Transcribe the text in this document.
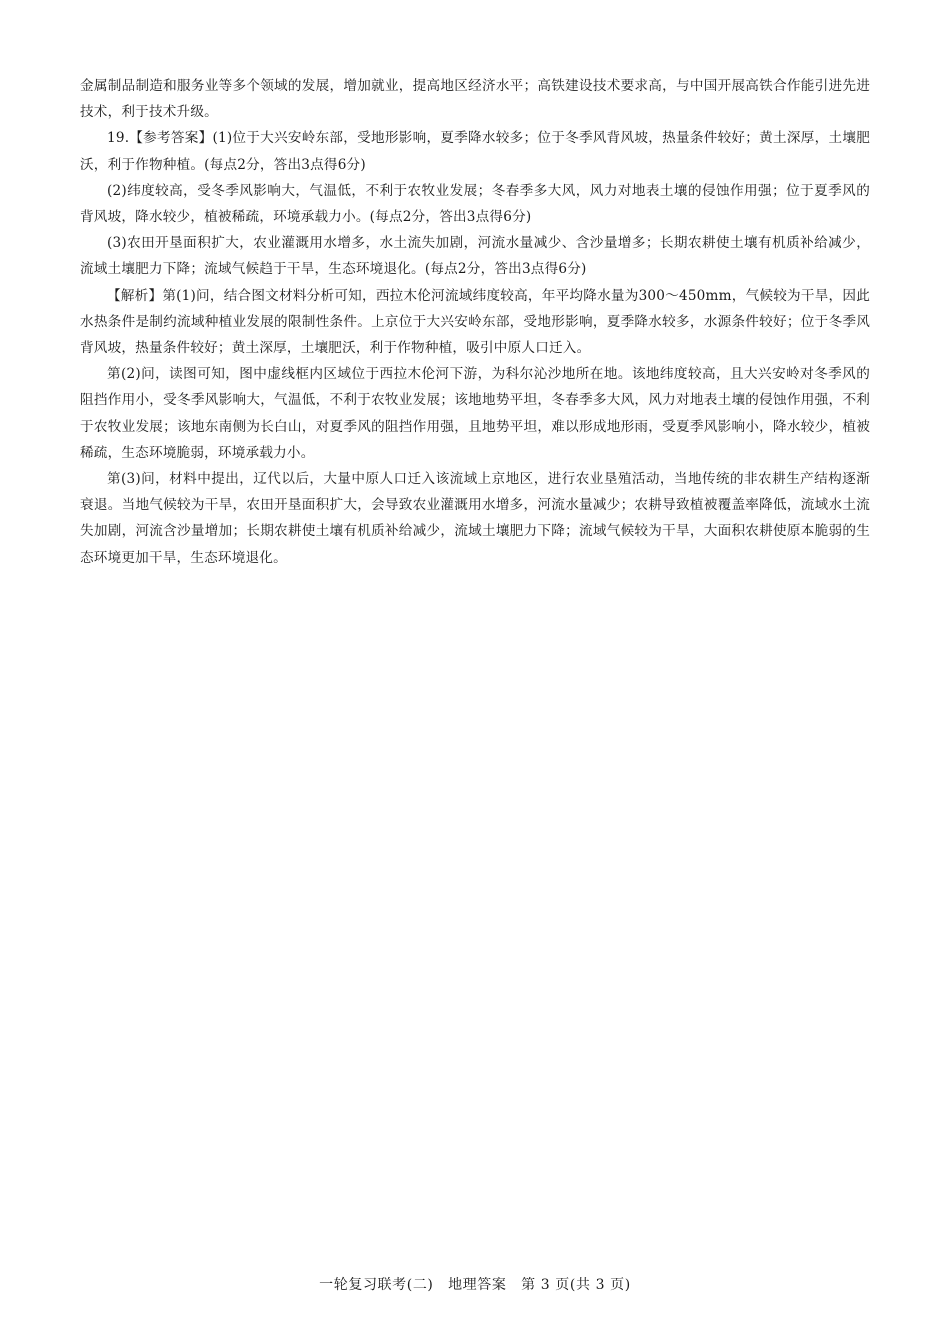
金属制品制造和服务业等多个领域的发展，增加就业，提高地区经济水平；高铁建设技术要求高，与中国开展高铁合作能引进先进技术，利于技术升级。

19.【参考答案】(1)位于大兴安岭东部，受地形影响，夏季降水较多；位于冬季风背风坡，热量条件较好；黄土深厚，土壤肥沃，利于作物种植。(每点2分，答出3点得6分)

(2)纬度较高，受冬季风影响大，气温低，不利于农牧业发展；冬春季多大风，风力对地表土壤的侵蚀作用强；位于夏季风的背风坡，降水较少，植被稀疏，环境承载力小。(每点2分，答出3点得6分)

(3)农田开垦面积扩大，农业灌溉用水增多，水土流失加剧，河流水量减少、含沙量增多；长期农耕使土壤有机质补给减少，流域土壤肥力下降；流域气候趋于干旱，生态环境退化。(每点2分，答出3点得6分)

【解析】第(1)问，结合图文材料分析可知，西拉木伦河流域纬度较高，年平均降水量为300～450mm，气候较为干旱，因此水热条件是制约流域种植业发展的限制性条件。上京位于大兴安岭东部，受地形影响，夏季降水较多，水源条件较好；位于冬季风背风坡，热量条件较好；黄土深厚，土壤肥沃，利于作物种植，吸引中原人口迁入。

第(2)问，读图可知，图中虚线框内区域位于西拉木伦河下游，为科尔沁沙地所在地。该地纬度较高，且大兴安岭对冬季风的阻挡作用小，受冬季风影响大，气温低，不利于农牧业发展；该地地势平坦，冬春季多大风，风力对地表土壤的侵蚀作用强，不利于农牧业发展；该地东南侧为长白山，对夏季风的阻挡作用强，且地势平坦，难以形成地形雨，受夏季风影响小，降水较少，植被稀疏，生态环境脆弱，环境承载力小。

第(3)问，材料中提出，辽代以后，大量中原人口迁入该流域上京地区，进行农业垦殖活动，当地传统的非农耕生产结构逐渐衰退。当地气候较为干旱，农田开垦面积扩大，会导致农业灌溉用水增多，河流水量减少；农耕导致植被覆盖率降低，流域水土流失加剧，河流含沙量增加；长期农耕使土壤有机质补给减少，流域土壤肥力下降；流域气候较为干旱，大面积农耕使原本脆弱的生态环境更加干旱，生态环境退化。

一轮复习联考(二)　地理答案　第 3 页(共 3 页)
